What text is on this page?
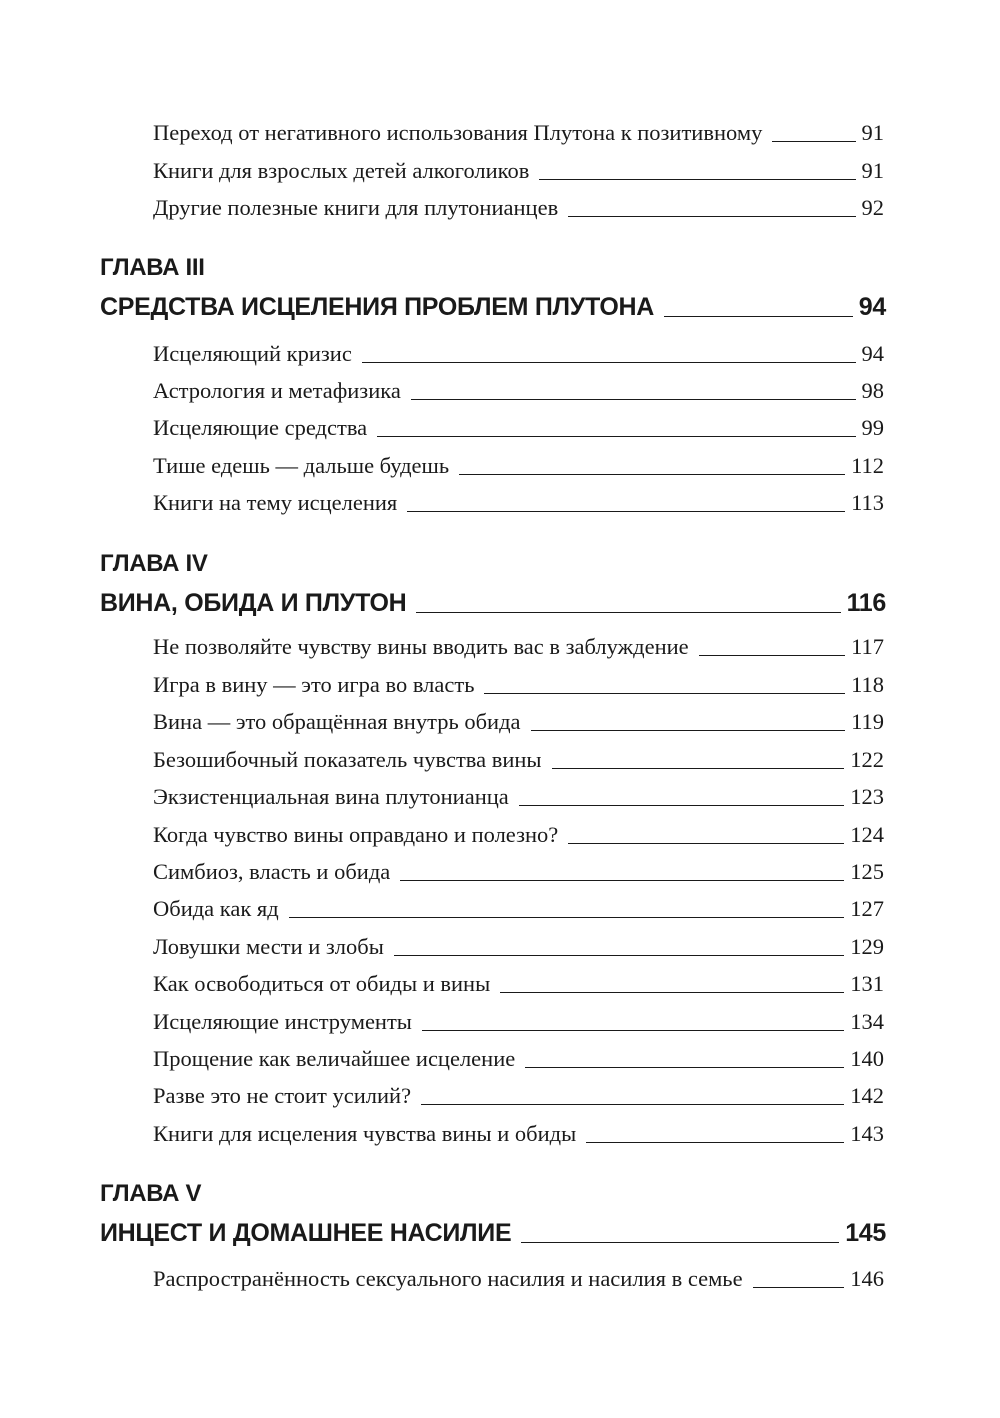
Переход от негативного использования Плутона к позитивному	91
Книги для взрослых детей алкоголиков	91
Другие полезные книги для плутонианцев	92
ГЛАВА III
СРЕДСТВА ИСЦЕЛЕНИЯ ПРОБЛЕМ ПЛУТОНА	94
Исцеляющий кризис	94
Астрология и метафизика	98
Исцеляющие средства	99
Тише едешь — дальше будешь	112
Книги на тему исцеления	113
ГЛАВА IV
ВИНА, ОБИДА И ПЛУТОН	116
Не позволяйте чувству вины вводить вас в заблуждение	117
Игра в вину — это игра во власть	118
Вина — это обращённая внутрь обида	119
Безошибочный показатель чувства вины	122
Экзистенциальная вина плутонианца	123
Когда чувство вины оправдано и полезно?	124
Симбиоз, власть и обида	125
Обида как яд	127
Ловушки мести и злобы	129
Как освободиться от обиды и вины	131
Исцеляющие инструменты	134
Прощение как величайшее исцеление	140
Разве это не стоит усилий?	142
Книги для исцеления чувства вины и обиды	143
ГЛАВА V
ИНЦЕСТ И ДОМАШНЕЕ НАСИЛИЕ	145
Распространённость сексуального насилия и насилия в семье	146
